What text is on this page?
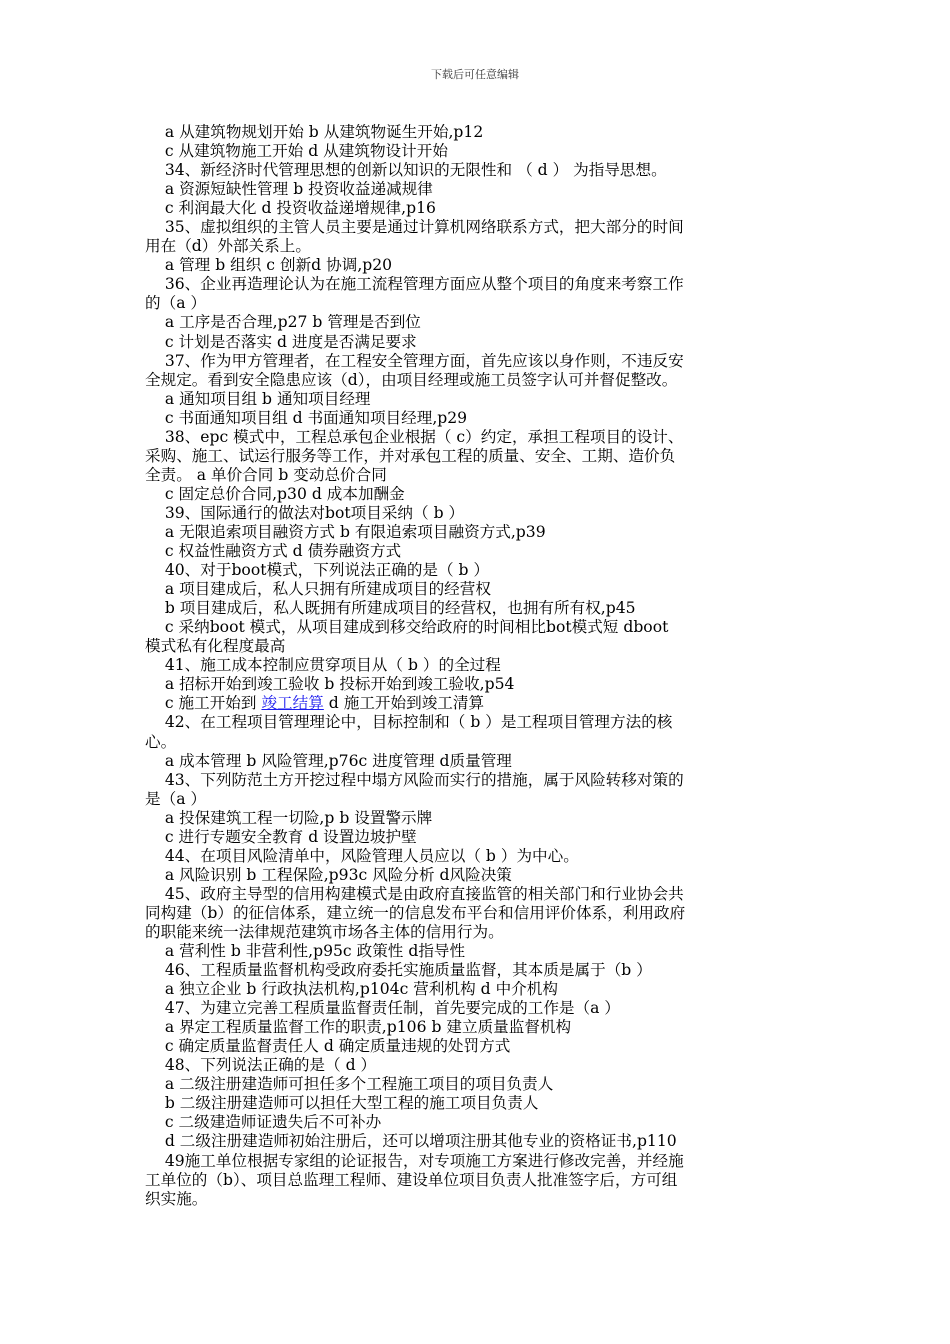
下载后可任意编辑
a 从建筑物规划开始 b 从建筑物诞生开始,p12
c 从建筑物施工开始 d 从建筑物设计开始
34、新经济时代管理思想的创新以知识的无限性和 （ d ） 为指导思想。
a 资源短缺性管理 b 投资收益递减规律
c 利润最大化 d 投资收益递增规律,p16
35、虚拟组织的主管人员主要是通过计算机网络联系方式，把大部分的时间
用在（d）外部关系上。
a 管理 b 组织 c 创新d 协调,p20
36、企业再造理论认为在施工流程管理方面应从整个项目的角度来考察工作
的（a ）
a 工序是否合理,p27 b 管理是否到位
c 计划是否落实 d 进度是否满足要求
37、作为甲方管理者，在工程安全管理方面，首先应该以身作则，不违反安
全规定。看到安全隐患应该（d），由项目经理或施工员签字认可并督促整改。
a 通知项目组 b 通知项目经理
c 书面通知项目组 d 书面通知项目经理,p29
38、epc 模式中，工程总承包企业根据（ c）约定，承担工程项目的设计、
采购、施工、试运行服务等工作，并对承包工程的质量、安全、工期、造价负
全责。 a 单价合同 b 变动总价合同
c 固定总价合同,p30 d 成本加酬金
39、国际通行的做法对bot项目采纳（ b ）
a 无限追索项目融资方式 b 有限追索项目融资方式,p39
c 权益性融资方式 d 债券融资方式
40、对于boot模式，下列说法正确的是（ b ）
a 项目建成后，私人只拥有所建成项目的经营权
b 项目建成后，私人既拥有所建成项目的经营权，也拥有所有权,p45
c 采纳boot 模式，从项目建成到移交给政府的时间相比bot模式短 dboot
模式私有化程度最高
41、施工成本控制应贯穿项目从（ b ）的全过程
a 招标开始到竣工验收 b 投标开始到竣工验收,p54
c 施工开始到 竣工结算 d 施工开始到竣工清算
42、在工程项目管理理论中，目标控制和（ b ）是工程项目管理方法的核
心。
a 成本管理 b 风险管理,p76c 进度管理 d质量管理
43、下列防范土方开挖过程中塌方风险而实行的措施，属于风险转移对策的
是（a ）
a 投保建筑工程一切险,p b 设置警示牌
c 进行专题安全教育 d 设置边坡护壁
44、在项目风险清单中，风险管理人员应以（ b ）为中心。
a 风险识别 b 工程保险,p93c 风险分析 d风险决策
45、政府主导型的信用构建模式是由政府直接监管的相关部门和行业协会共
同构建（b）的征信体系，建立统一的信息发布平台和信用评价体系，利用政府
的职能来统一法律规范建筑市场各主体的信用行为。
a 营利性 b 非营利性,p95c 政策性 d指导性
46、工程质量监督机构受政府委托实施质量监督，其本质是属于（b ）
a 独立企业 b 行政执法机构,p104c 营利机构 d 中介机构
47、为建立完善工程质量监督责任制，首先要完成的工作是（a ）
a 界定工程质量监督工作的职责,p106 b 建立质量监督机构
c 确定质量监督责任人 d 确定质量违规的处罚方式
48、下列说法正确的是（ d ）
a 二级注册建造师可担任多个工程施工项目的项目负责人
b 二级注册建造师可以担任大型工程的施工项目负责人
c 二级建造师证遗失后不可补办
d 二级注册建造师初始注册后，还可以增项注册其他专业的资格证书,p110
49施工单位根据专家组的论证报告，对专项施工方案进行修改完善，并经施
工单位的（b）、项目总监理工程师、建设单位项目负责人批准签字后，方可组
织实施。
